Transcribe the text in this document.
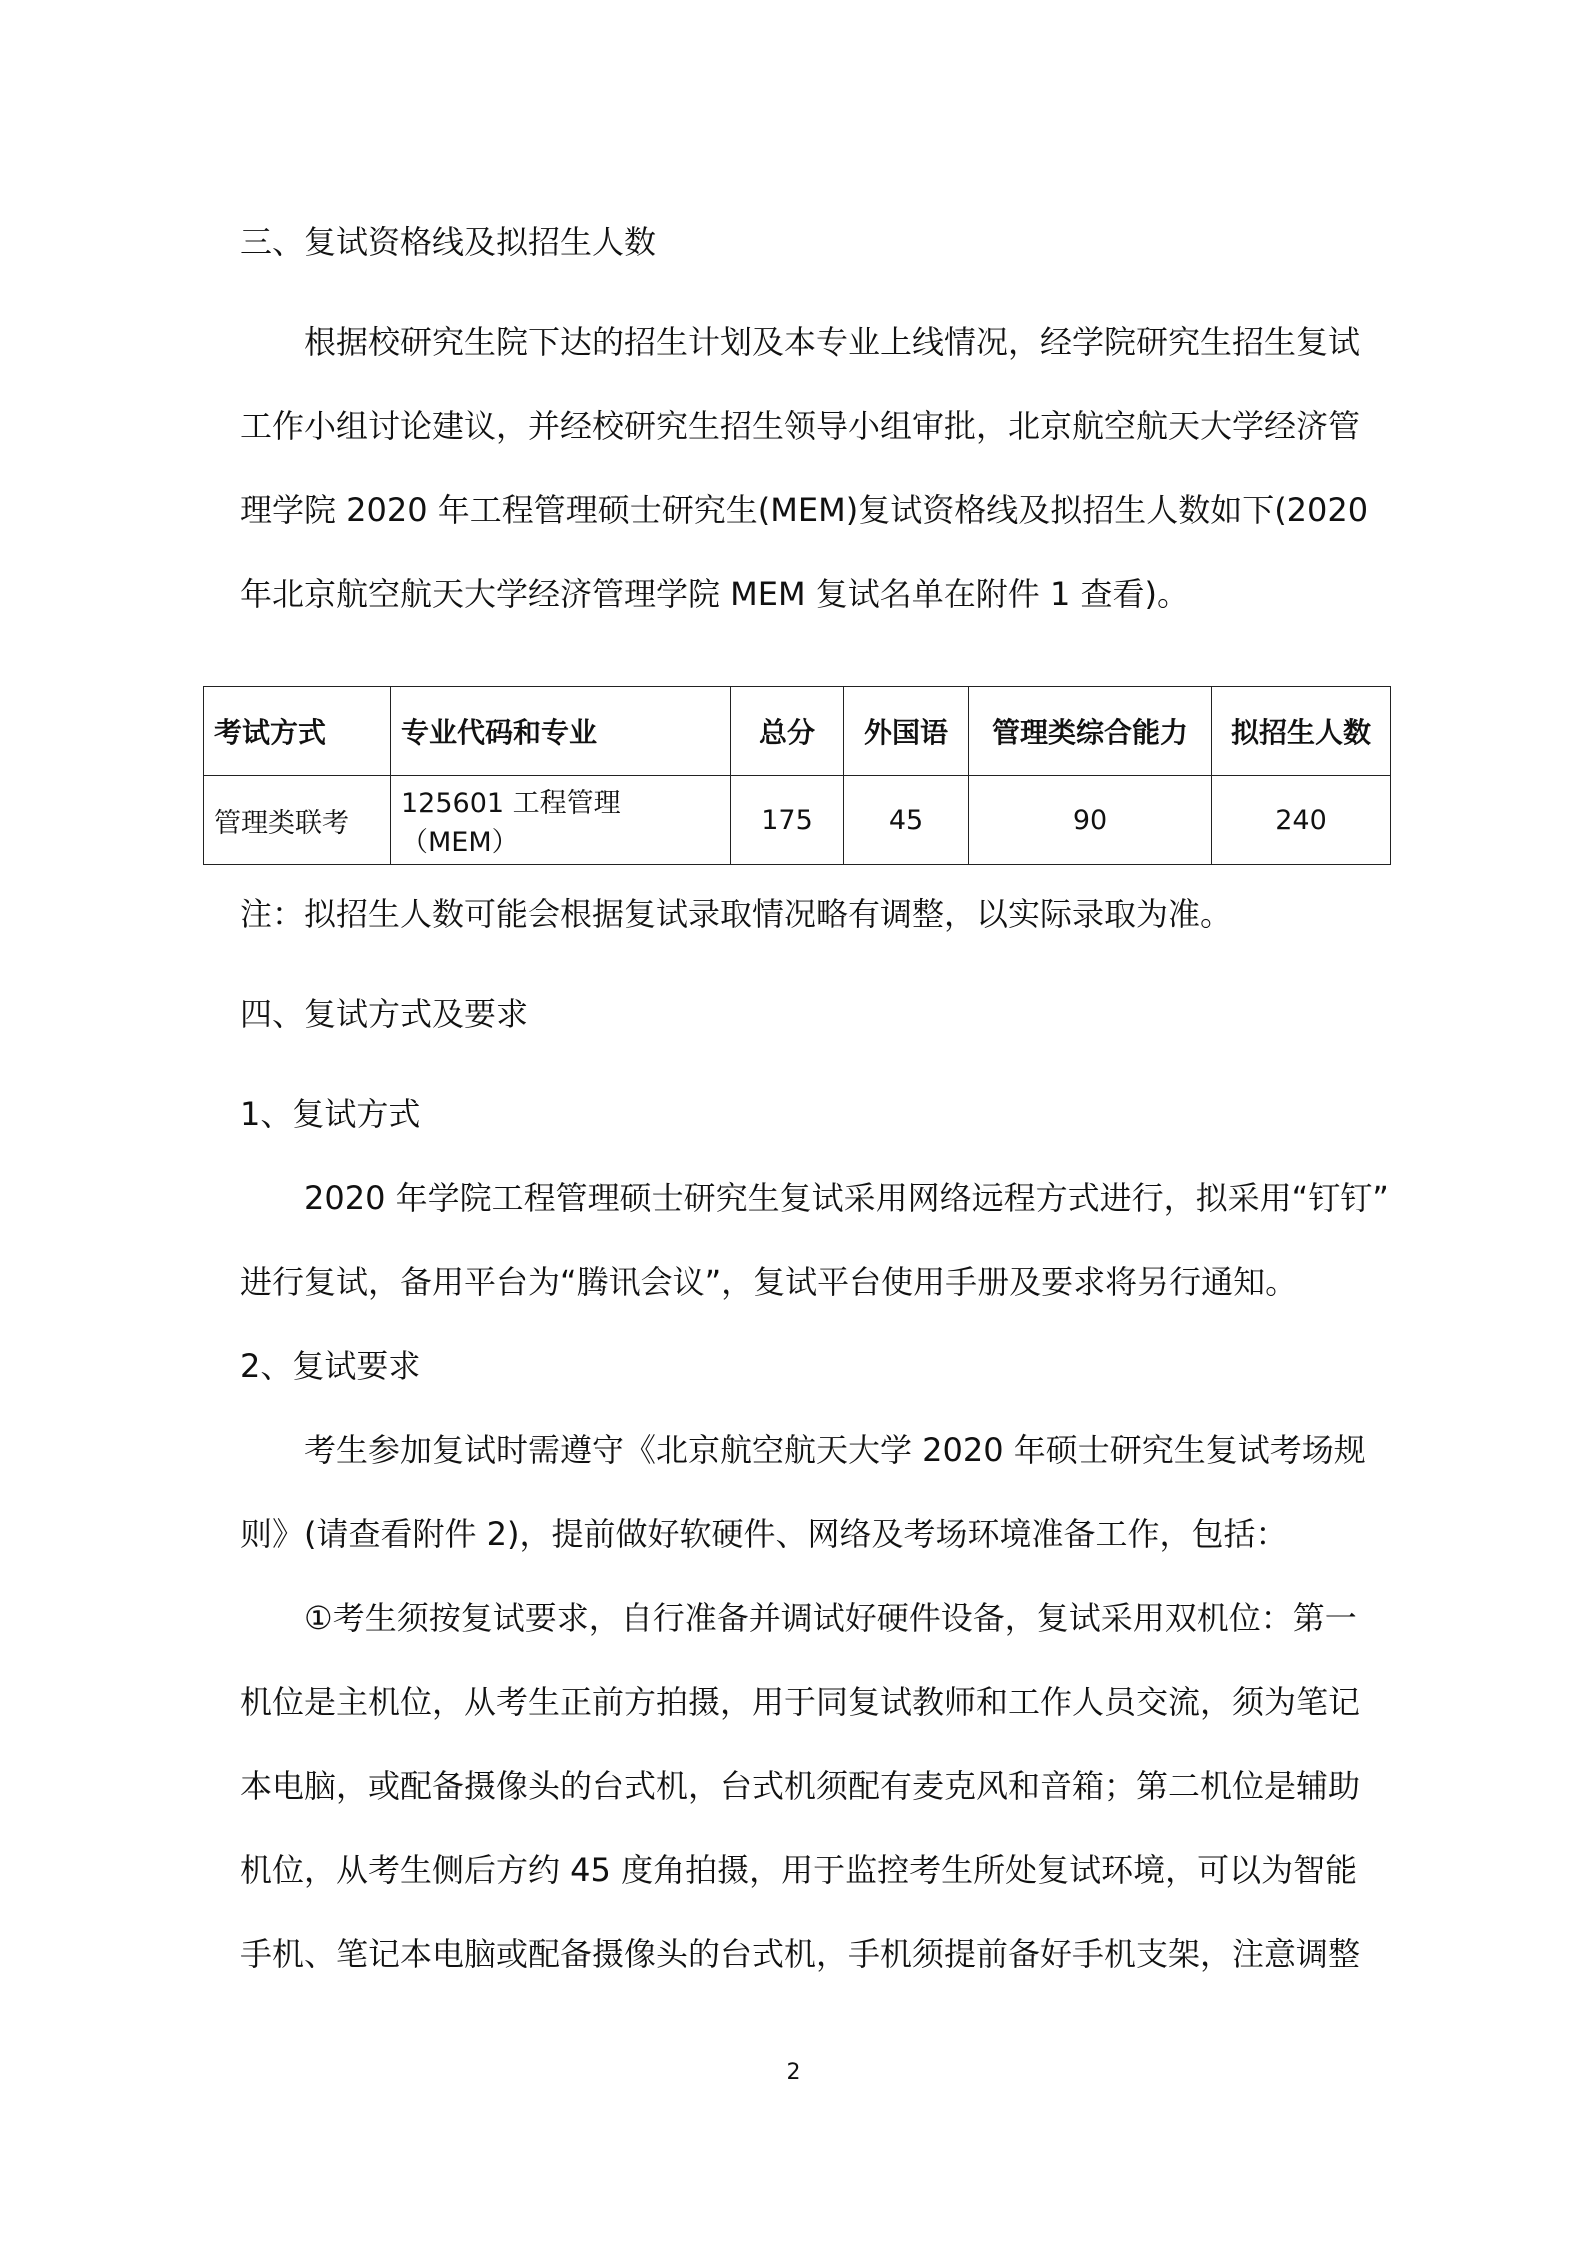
三、复试资格线及拟招生人数
根据校研究生院下达的招生计划及本专业上线情况，经学院研究生招生复试
工作小组讨论建议，并经校研究生招生领导小组审批，北京航空航天大学经济管
理学院 2020 年工程管理硕士研究生(MEM)复试资格线及拟招生人数如下(2020
年北京航空航天大学经济管理学院 MEM 复试名单在附件 1 查看)。
考试方式	专业代码和专业	总分	外国语	管理类综合能力	拟招生人数
管理类联考	125601 工程管理（MEM）	175	45	90	240
注：拟招生人数可能会根据复试录取情况略有调整，以实际录取为准。
四、复试方式及要求
1、复试方式
2020 年学院工程管理硕士研究生复试采用网络远程方式进行，拟采用“钉钉”
进行复试，备用平台为“腾讯会议”，复试平台使用手册及要求将另行通知。
2、复试要求
考生参加复试时需遵守《北京航空航天大学 2020 年硕士研究生复试考场规
则》(请查看附件 2)，提前做好软硬件、网络及考场环境准备工作，包括：
①考生须按复试要求，自行准备并调试好硬件设备，复试采用双机位：第一
机位是主机位，从考生正前方拍摄，用于同复试教师和工作人员交流，须为笔记
本电脑，或配备摄像头的台式机，台式机须配有麦克风和音箱；第二机位是辅助
机位，从考生侧后方约 45 度角拍摄，用于监控考生所处复试环境，可以为智能
手机、笔记本电脑或配备摄像头的台式机，手机须提前备好手机支架，注意调整
2
